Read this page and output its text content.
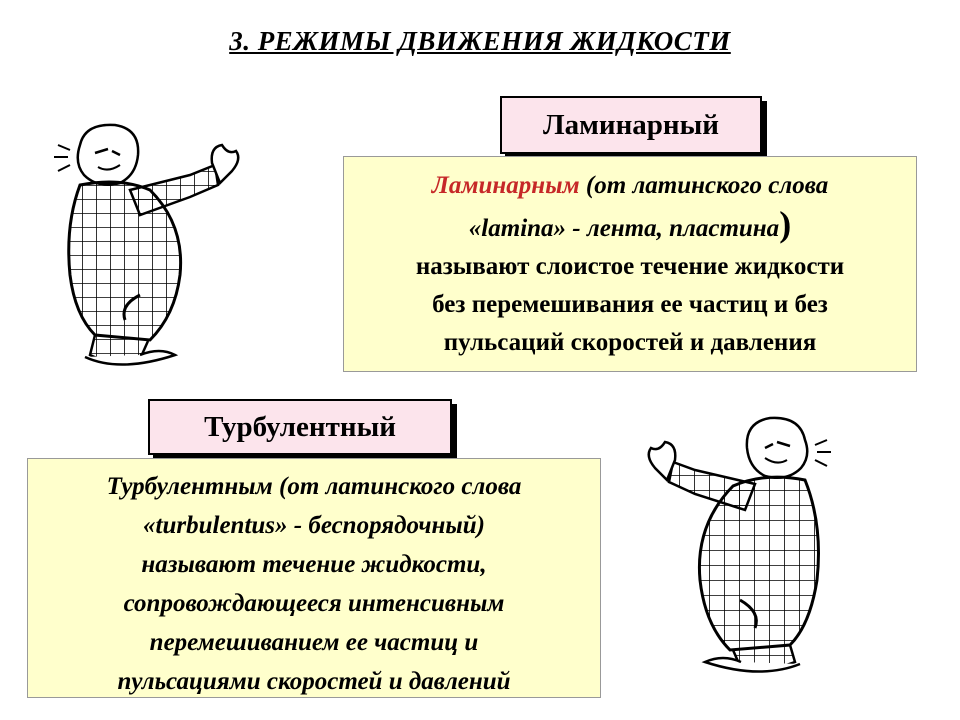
3. РЕЖИМЫ ДВИЖЕНИЯ ЖИДКОСТИ
Ламинарный
Ламинарным (от латинского слова
«lamina» - лента, пластина)
называют слоистое течение жидкости
без перемешивания ее частиц и без
пульсаций скоростей и давления
Турбулентный
Турбулентным (от латинского слова
«turbulentus» - беспорядочный)
называют течение жидкости,
сопровождающееся интенсивным
перемешиванием ее частиц и
пульсациями скоростей и давлений
